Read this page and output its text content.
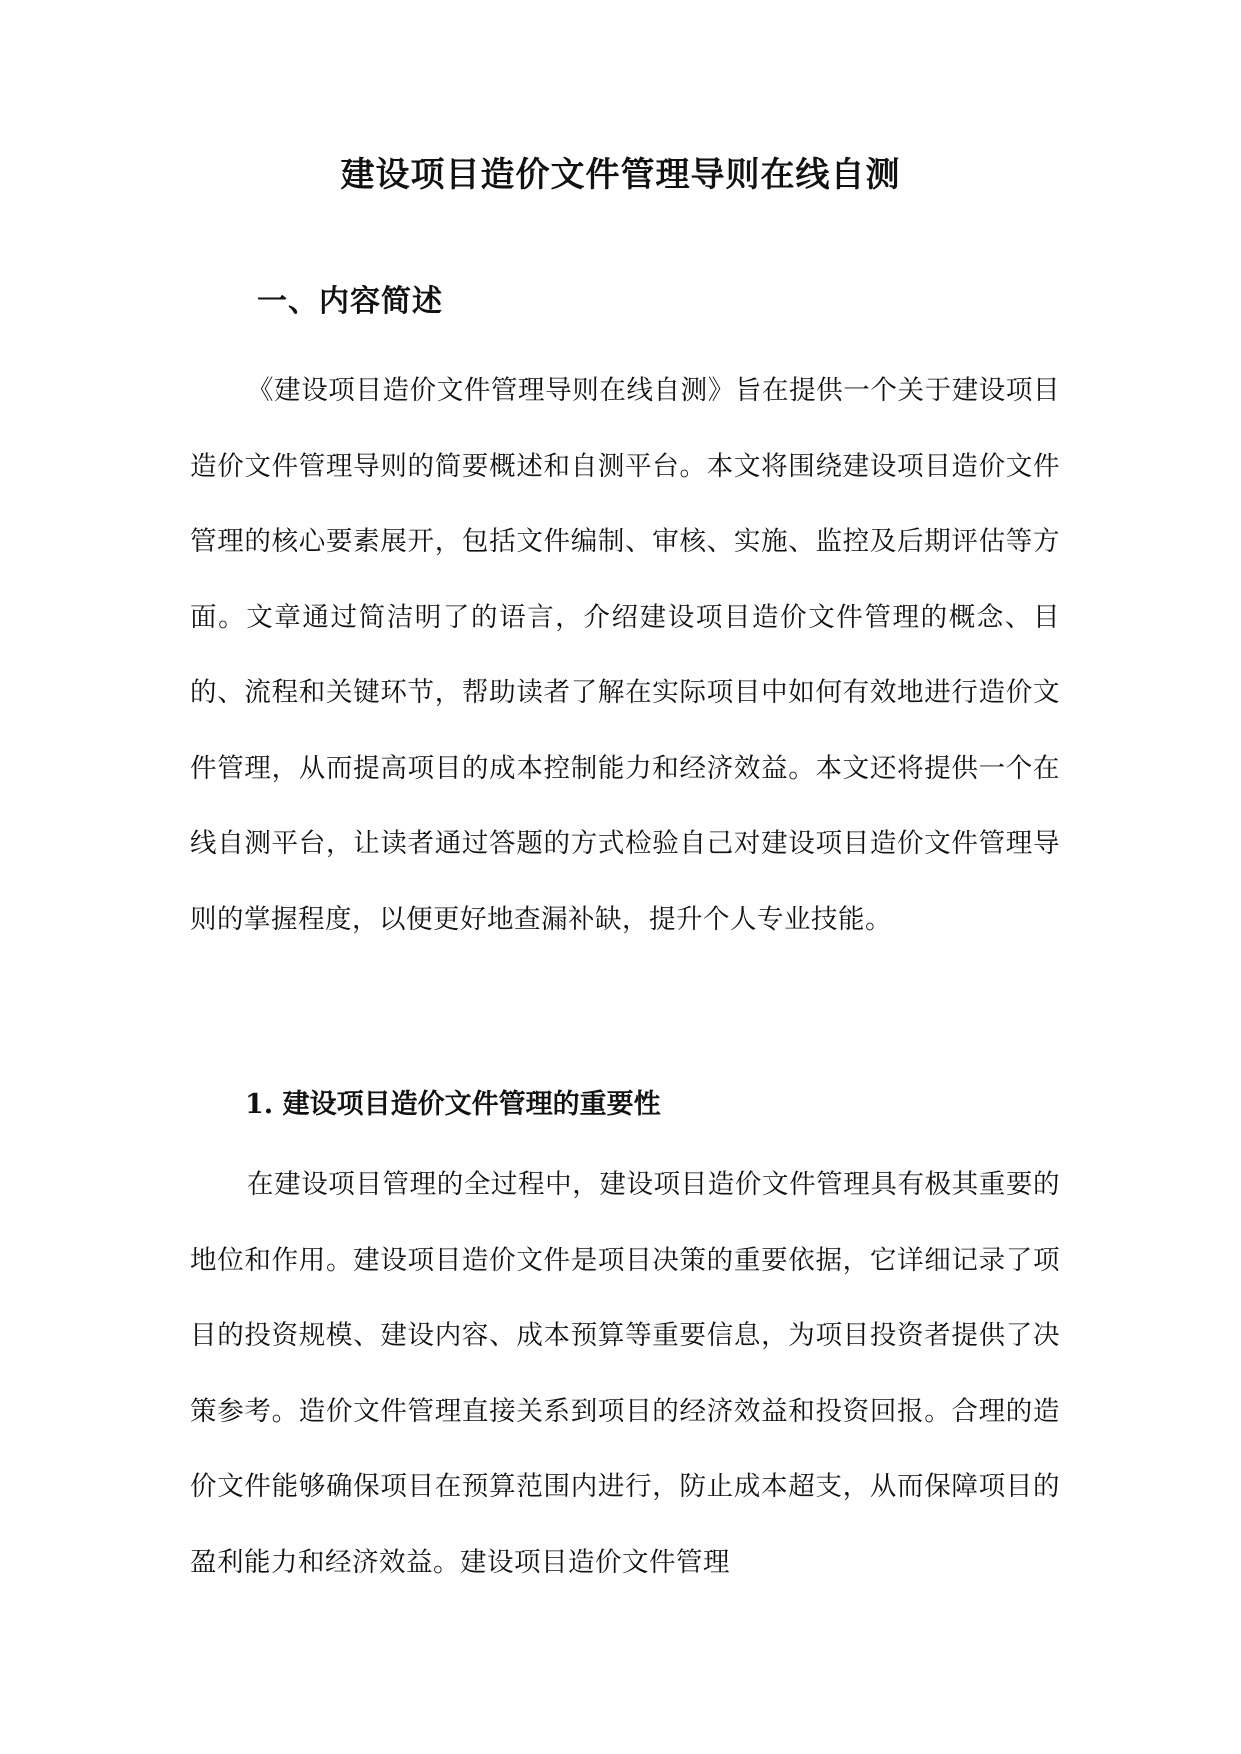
建设项目造价文件管理导则在线自测
一、内容简述

《建设项目造价文件管理导则在线自测》旨在提供一个关于建设项目造价文件管理导则的简要概述和自测平台。本文将围绕建设项目造价文件管理的核心要素展开，包括文件编制、审核、实施、监控及后期评估等方面。文章通过简洁明了的语言，介绍建设项目造价文件管理的概念、目的、流程和关键环节，帮助读者了解在实际项目中如何有效地进行造价文件管理，从而提高项目的成本控制能力和经济效益。本文还将提供一个在线自测平台，让读者通过答题的方式检验自己对建设项目造价文件管理导则的掌握程度，以便更好地查漏补缺，提升个人专业技能。

1. 建设项目造价文件管理的重要性

在建设项目管理的全过程中，建设项目造价文件管理具有极其重要的地位和作用。建设项目造价文件是项目决策的重要依据，它详细记录了项目的投资规模、建设内容、成本预算等重要信息，为项目投资者提供了决策参考。造价文件管理直接关系到项目的经济效益和投资回报。合理的造价文件能够确保项目在预算范围内进行，防止成本超支，从而保障项目的盈利能力和经济效益。建设项目造价文件管理
